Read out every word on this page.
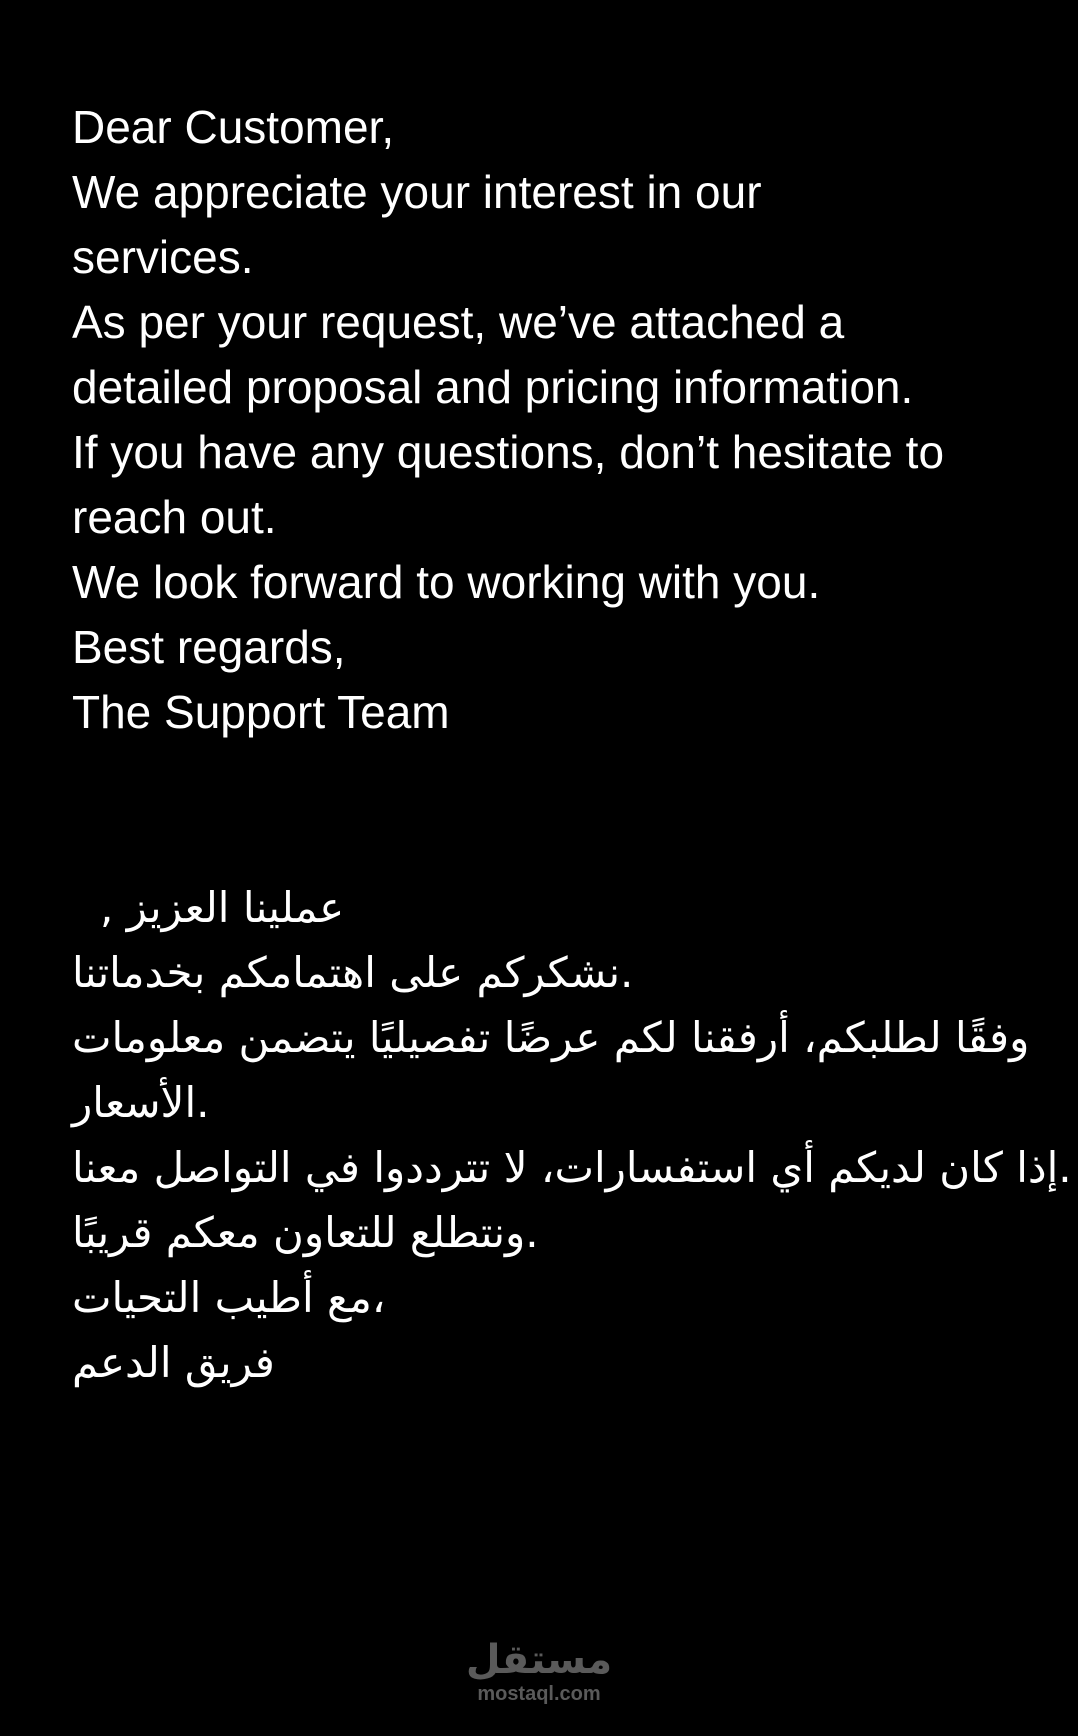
Dear Customer,
We appreciate your interest in our
services.
As per your request, we’ve attached a
detailed proposal and pricing information.
If you have any questions, don’t hesitate to
reach out.
We look forward to working with you.
Best regards,
The Support Team
, عملينا العزيز
نشكركم على اهتمامكم بخدماتنا.
وفقًا لطلبكم، أرفقنا لكم عرضًا تفصيليًا يتضمن معلومات
الأسعار.
إذا كان لديكم أي استفسارات، لا تترددوا في التواصل معنا.
ونتطلع للتعاون معكم قريبًا.
مع أطيب التحيات،
فريق الدعم
مستقل
mostaql.com
